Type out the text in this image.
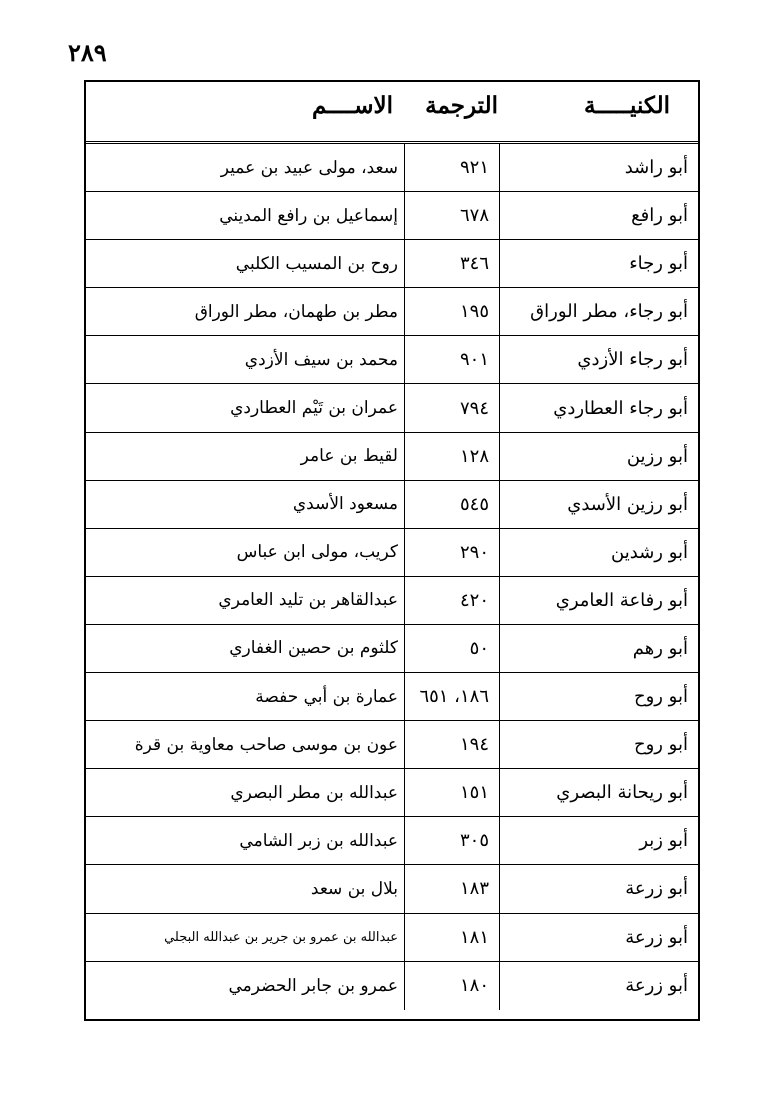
٢٨٩
الكنيـــــة
الترجمة
الاســــم
أبو راشد
٩٢١
سعد، مولى عبيد بن عمير
أبو رافع
٦٧٨
إسماعيل بن رافع المديني
أبو رجاء
٣٤٦
روح بن المسيب الكلبي
أبو رجاء، مطر الوراق
١٩٥
مطر بن طهمان، مطر الوراق
أبو رجاء الأزدي
٩٠١
محمد بن سيف الأزدي
أبو رجاء العطاردي
٧٩٤
عمران بن تَيْم العطاردي
أبو رزين
١٢٨
لقيط بن عامر
أبو رزين الأسدي
٥٤٥
مسعود الأسدي
أبو رشدين
٢٩٠
كريب، مولى ابن عباس
أبو رفاعة العامري
٤٢٠
عبدالقاهر بن تليد العامري
أبو رهم
٥٠
كلثوم بن حصين الغفاري
أبو روح
١٨٦، ٦٥١
عمارة بن أبي حفصة
أبو روح
١٩٤
عون بن موسى صاحب معاوية بن قرة
أبو ريحانة البصري
١٥١
عبدالله بن مطر البصري
أبو زبر
٣٠٥
عبدالله بن زبر الشامي
أبو زرعة
١٨٣
بلال بن سعد
أبو زرعة
١٨١
عبدالله بن عمرو بن جرير بن عبدالله البجلي
أبو زرعة
١٨٠
عمرو بن جابر الحضرمي
